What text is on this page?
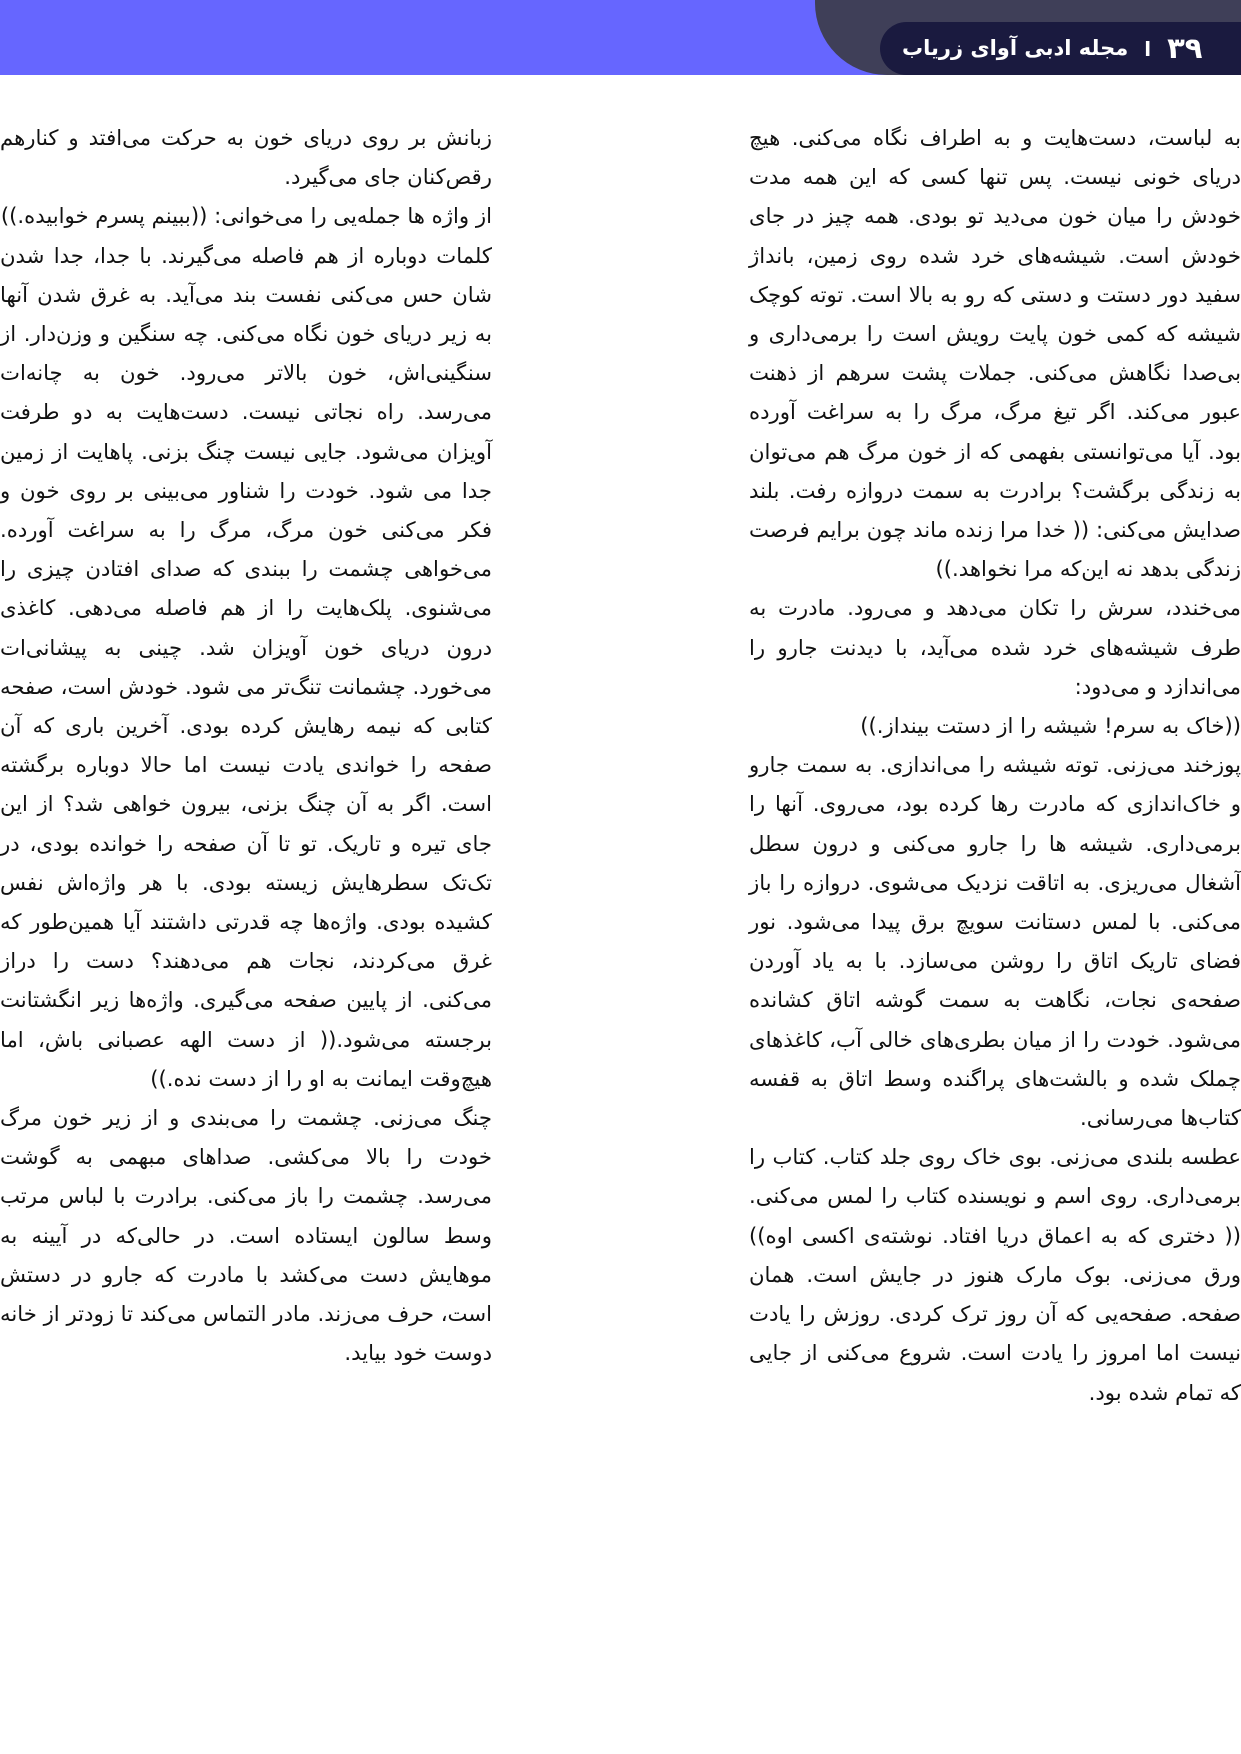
۳۹
ا
مجله ادبی آوای زریاب

به لباست، دست‌هایت و به اطراف نگاه می‌کنی. هیچ دریای خونی نیست. پس تنها کسی که این همه مدت خودش را میان خون می‌دید تو بودی. همه چیز در جای خودش است. شیشه‌های خرد شده روی زمین، بانداژ سفید دور دستت و دستی که رو به بالا است. توته کوچک شیشه که کمی خون پایت رویش است را برمی‌داری و بی‌صدا نگاهش می‌کنی. جملات پشت سرهم از ذهنت عبور می‌کند. اگر تیغ مرگ، مرگ را به سراغت آورده بود. آیا می‌توانستی بفهمی که از خون مرگ هم می‌توان به زندگی برگشت؟ برادرت به سمت دروازه رفت. بلند صدایش می‌کنی: (( خدا مرا زنده ماند چون برایم فرصت زندگی بدهد نه این‌که مرا نخواهد.))

می‌خندد، سرش را تکان می‌دهد و می‌رود. مادرت به طرف شیشه‌های خرد شده می‌آید، با دیدنت جارو را می‌اندازد و می‌دود:

((خاک به سرم! شیشه را از دستت بینداز.))

پوزخند می‌زنی. توته شیشه را می‌اندازی. به سمت جارو و خاک‌اندازی که مادرت رها کرده بود، می‌روی. آنها را برمی‌داری. شیشه ها را جارو می‌کنی و درون سطل آشغال می‌ریزی. به اتاقت نزدیک می‌شوی. دروازه را باز می‌کنی. با لمس دستانت سویچ برق پیدا می‌شود. نور فضای تاریک اتاق را روشن می‌سازد. با به یاد آوردن صفحه‌ی نجات، نگاهت به سمت گوشه اتاق کشانده می‌شود. خودت را از میان بطری‌های خالی آب، کاغذهای چملک شده و بالشت‌های پراگنده وسط اتاق به قفسه کتاب‌ها می‌رسانی.

عطسه بلندی می‌زنی. بوی خاک روی جلد کتاب. کتاب را برمی‌داری. روی اسم و نویسنده کتاب را لمس می‌کنی.(( دختری که به اعماق دریا افتاد. نوشته‌ی اکسی اوه)) ورق می‌زنی. بوک مارک هنوز در جایش است. همان صفحه. صفحه‌یی که آن روز ترک کردی. روزش را یادت نیست اما امروز را یادت است. شروع می‌کنی از جایی که تمام شده بود.

زبانش بر روی دریای خون به حرکت می‌افتد و کنارهم رقص‌کنان جای می‌گیرد.

از واژه ها جمله‌یی را می‌خوانی: ((ببینم پسرم خوابیده.))

کلمات دوباره از هم فاصله می‌گیرند. با جدا، جدا شدن شان حس می‌کنی نفست بند می‌آید. به غرق شدن آنها به زیر دریای خون نگاه می‌کنی. چه سنگین و وزن‌دار. از سنگینی‌اش، خون بالاتر می‌رود. خون به چانه‌ات می‌رسد. راه نجاتی نیست. دست‌هایت به دو طرفت آویزان می‌شود. جایی نیست چنگ بزنی. پاهایت از زمین جدا می شود. خودت را شناور می‌بینی بر روی خون و فکر می‌کنی خون مرگ، مرگ را به سراغت آورده. می‌خواهی چشمت را ببندی که صدای افتادن چیزی را می‌شنوی. پلک‌هایت را از هم فاصله می‌دهی. کاغذی درون دریای خون آویزان شد. چینی به پیشانی‌ات می‌خورد. چشمانت تنگ‌تر می شود. خودش است، صفحه کتابی که نیمه رهایش کرده بودی. آخرین باری که آن صفحه را خواندی یادت نیست اما حالا دوباره برگشته است. اگر به آن چنگ بزنی، بیرون خواهی شد؟ از این جای تیره و تاریک. تو تا آن صفحه را خوانده بودی، در تک‌تک سطرهایش زیسته بودی. با هر واژه‌اش نفس کشیده بودی. واژه‌ها چه قدرتی داشتند آیا همین‌طور که غرق می‌کردند، نجات هم می‌دهند؟ دست را دراز می‌کنی. از پایین صفحه می‌گیری. واژه‌ها زیر انگشتانت برجسته می‌شود.(( از دست الهه عصبانی باش، اما هیچ‌وقت ایمانت به او را از دست نده.))

چنگ می‌زنی. چشمت را می‌بندی و از زیر خون مرگ خودت را بالا می‌کشی. صداهای مبهمی به گوشت می‌رسد. چشمت را باز می‌کنی. برادرت با لباس مرتب وسط سالون ایستاده است. در حالی‌که در آیینه به موهایش دست می‌کشد با مادرت که جارو در دستش است، حرف می‌زند. مادر التماس می‌کند تا زودتر از خانه دوست خود بیاید.
